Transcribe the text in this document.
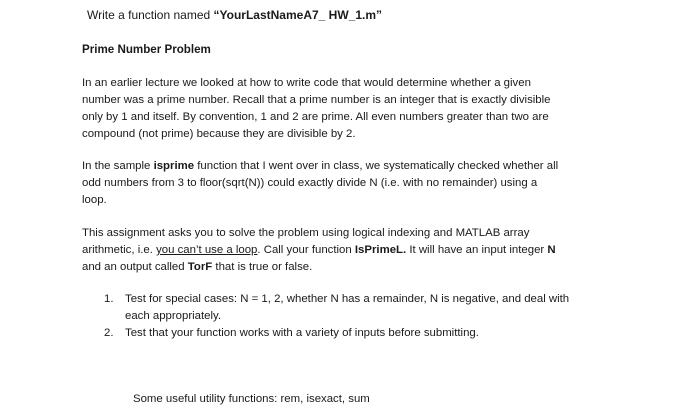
Write a function named “YourLastNameA7_ HW_1.m”
Prime Number Problem
In an earlier lecture we looked at how to write code that would determine whether a given
number was a prime number. Recall that a prime number is an integer that is exactly divisible
only by 1 and itself. By convention, 1 and 2 are prime. All even numbers greater than two are
compound (not prime) because they are divisible by 2.
In the sample isprime function that I went over in class, we systematically checked whether all
odd numbers from 3 to floor(sqrt(N)) could exactly divide N (i.e. with no remainder) using a
loop.
This assignment asks you to solve the problem using logical indexing and MATLAB array
arithmetic, i.e. you can’t use a loop. Call your function IsPrimeL. It will have an input integer N
and an output called TorF that is true or false.
1. Test for special cases: N = 1, 2, whether N has a remainder, N is negative, and deal with
each appropriately.
2. Test that your function works with a variety of inputs before submitting.
Some useful utility functions: rem, isexact, sum
